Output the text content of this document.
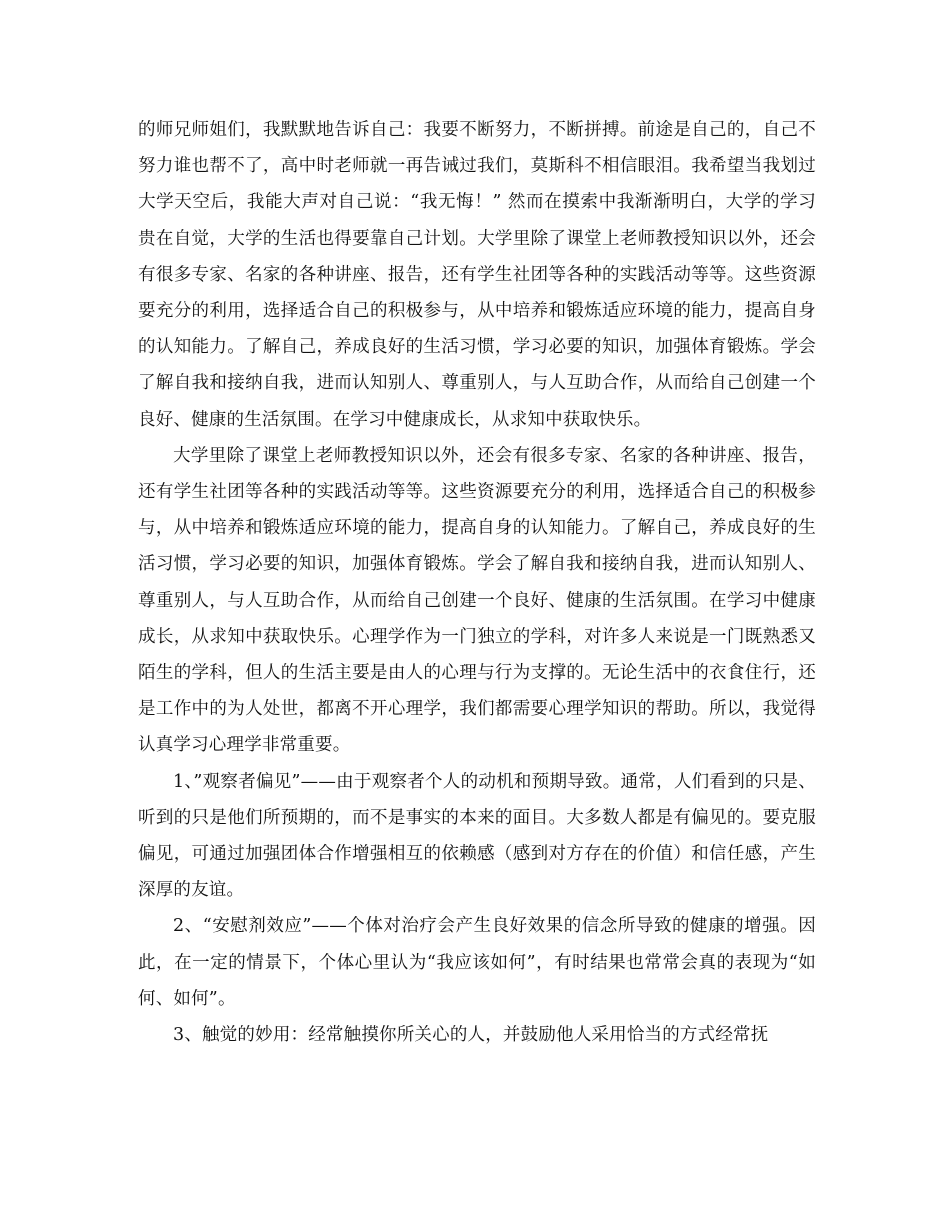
的师兄师姐们，我默默地告诉自己：我要不断努力，不断拼搏。前途是自己的，自己不努力谁也帮不了，高中时老师就一再告诫过我们，莫斯科不相信眼泪。我希望当我划过大学天空后，我能大声对自己说：“我无悔！” 然而在摸索中我渐渐明白，大学的学习贵在自觉，大学的生活也得要靠自己计划。大学里除了课堂上老师教授知识以外，还会有很多专家、名家的各种讲座、报告，还有学生社团等各种的实践活动等等。这些资源要充分的利用，选择适合自己的积极参与，从中培养和锻炼适应环境的能力，提高自身的认知能力。了解自己，养成良好的生活习惯，学习必要的知识，加强体育锻炼。学会了解自我和接纳自我，进而认知别人、尊重别人，与人互助合作，从而给自己创建一个良好、健康的生活氛围。在学习中健康成长，从求知中获取快乐。

大学里除了课堂上老师教授知识以外，还会有很多专家、名家的各种讲座、报告，还有学生社团等各种的实践活动等等。这些资源要充分的利用，选择适合自己的积极参与，从中培养和锻炼适应环境的能力，提高自身的认知能力。了解自己，养成良好的生活习惯，学习必要的知识，加强体育锻炼。学会了解自我和接纳自我，进而认知别人、尊重别人，与人互助合作，从而给自己创建一个良好、健康的生活氛围。在学习中健康成长，从求知中获取快乐。心理学作为一门独立的学科，对许多人来说是一门既熟悉又陌生的学科，但人的生活主要是由人的心理与行为支撑的。无论生活中的衣食住行，还是工作中的为人处世，都离不开心理学，我们都需要心理学知识的帮助。所以，我觉得认真学习心理学非常重要。

1、”观察者偏见”——由于观察者个人的动机和预期导致。通常，人们看到的只是、听到的只是他们所预期的，而不是事实的本来的面目。大多数人都是有偏见的。要克服偏见，可通过加强团体合作增强相互的依赖感（感到对方存在的价值）和信任感，产生深厚的友谊。

2、“安慰剂效应”——个体对治疗会产生良好效果的信念所导致的健康的增强。因此，在一定的情景下，个体心里认为“我应该如何”，有时结果也常常会真的表现为“如何、如何”。

3、触觉的妙用：经常触摸你所关心的人，并鼓励他人采用恰当的方式经常抚
